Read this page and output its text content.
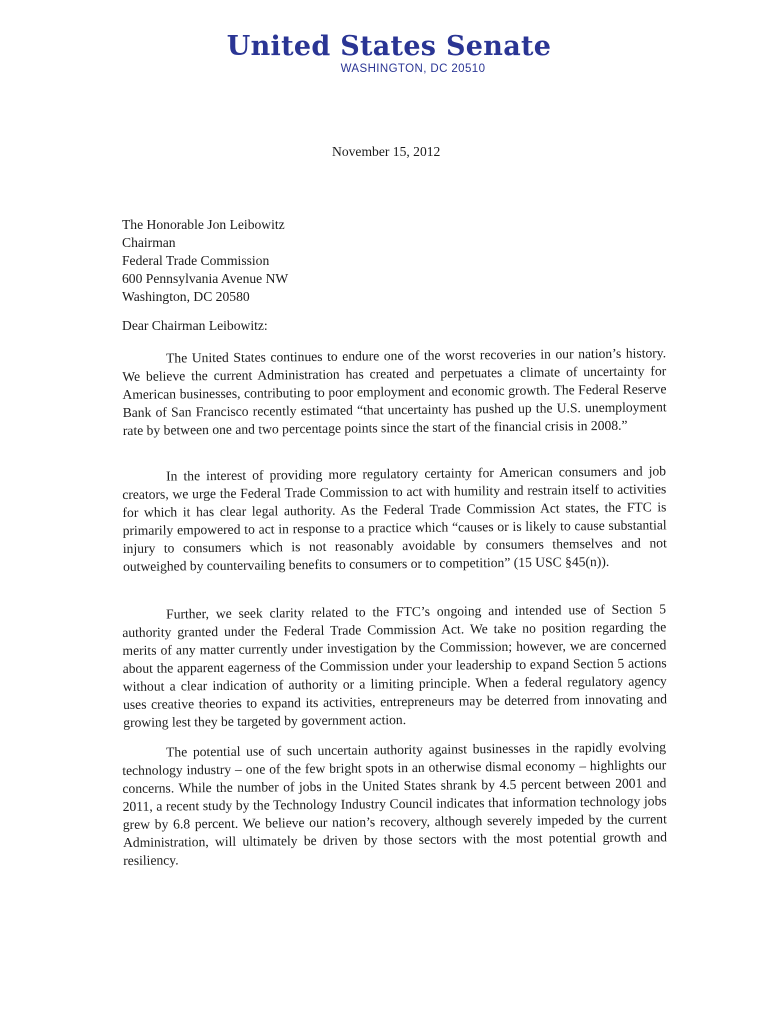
United States Senate
WASHINGTON, DC 20510
November 15, 2012
The Honorable Jon Leibowitz
Chairman
Federal Trade Commission
600 Pennsylvania Avenue NW
Washington, DC 20580
Dear Chairman Leibowitz:

The United States continues to endure one of the worst recoveries in our nation’s history. We believe the current Administration has created and perpetuates a climate of uncertainty for American businesses, contributing to poor employment and economic growth. The Federal Reserve Bank of San Francisco recently estimated “that uncertainty has pushed up the U.S. unemployment rate by between one and two percentage points since the start of the financial crisis in 2008.”

In the interest of providing more regulatory certainty for American consumers and job creators, we urge the Federal Trade Commission to act with humility and restrain itself to activities for which it has clear legal authority. As the Federal Trade Commission Act states, the FTC is primarily empowered to act in response to a practice which “causes or is likely to cause substantial injury to consumers which is not reasonably avoidable by consumers themselves and not outweighed by countervailing benefits to consumers or to competition” (15 USC §45(n)).

Further, we seek clarity related to the FTC’s ongoing and intended use of Section 5 authority granted under the Federal Trade Commission Act. We take no position regarding the merits of any matter currently under investigation by the Commission; however, we are concerned about the apparent eagerness of the Commission under your leadership to expand Section 5 actions without a clear indication of authority or a limiting principle. When a federal regulatory agency uses creative theories to expand its activities, entrepreneurs may be deterred from innovating and growing lest they be targeted by government action.

The potential use of such uncertain authority against businesses in the rapidly evolving technology industry – one of the few bright spots in an otherwise dismal economy – highlights our concerns. While the number of jobs in the United States shrank by 4.5 percent between 2001 and 2011, a recent study by the Technology Industry Council indicates that information technology jobs grew by 6.8 percent. We believe our nation’s recovery, although severely impeded by the current Administration, will ultimately be driven by those sectors with the most potential growth and resiliency.
